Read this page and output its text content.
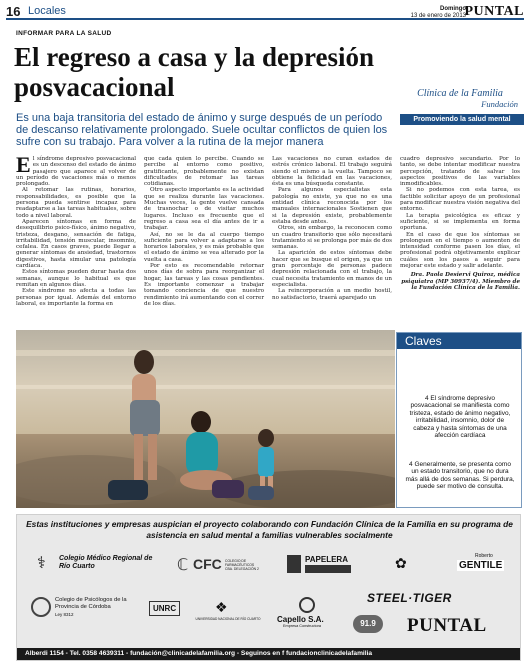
16 Locales	Domingo
13 de enero de 2013
PUNTAL
INFORMAR PARA LA SALUD
El regreso a casa y la depresión posvacacional

Es una baja transitoria del estado de ánimo y surge después de un período de descanso relativamente prolongado. Suele ocultar conflictos de quien los sufre con su trabajo. Para volver a la rutina de la mejor manera

Clínica de la Familia
Fundación
Promoviendo la salud mental

El síndrome depresivo posvacacional es un descenso del estado de ánimo pasajero que aparece al volver de un período de vacaciones más o menos prolongado.

Al retomar las rutinas, horarios, responsabilidades, es posible que la persona pueda sentirse incapaz para readaptarse a las tareas habituales, sobre todo a nivel laboral.

Aparecen síntomas en forma de desequilibrio psico-físico, ánimo negativo, tristeza, desgano, sensación de fatiga, irritabilidad, tensión muscular, insomnio, cefalea. En casos graves, puede llegar a generar síntomas de ansiedad, trastornos digestivos, hasta simular una patología cardíaca.

Estos síntomas pueden durar hasta dos semanas, aunque lo habitual es que remitan en algunos días.

Este síndrome no afecta a todas las personas por igual. Además del entorno laboral, es importante la forma en

que cada quien lo percibe. Cuando se percibe al entorno como positivo, gratificante, probablemente no existan dificultades de retomar las tareas cotidianas.

Otro aspecto importante es la actividad que se realiza durante las vacaciones. Muchas veces, la gente vuelve cansada de trasnochar o de visitar muchos lugares. Incluso es frecuente que el regreso a casa sea el día antes de ir a trabajar.

Así, no se le da al cuerpo tiempo suficiente para volver a adaptarse a los horarios laborales, y es más probable que el estado de ánimo se vea alterado por la vuelta a casa.

Por esto es recomendable retornar unos días de sobra para reorganizar el hogar, las tareas y las cosas pendientes. Es importante comenzar a trabajar tomando conciencia de que nuestro rendimiento irá aumentando con el correr de los días.

Las vacaciones no curan estados de estrés crónico laboral. El trabajo seguirá siendo el mismo a la vuelta. Tampoco se obtiene la felicidad en las vacaciones, ésta es una búsqueda constante.

Para algunos especialistas esta patología no existe, ya que no es una entidad clínica reconocida por los manuales internacionales Sostienen que si la depresión existe, probablemente estaba desde antes.

Otros, sin embargo, la reconocen como un cuadro transitorio que sólo necesitará tratamiento si se prolonga por más de dos semanas.

La aparición de estos síntomas debe hacer que se busque el origen, ya que un gran porcentaje de personas padece depresión relacionada con el trabajo, la cual necesita tratamiento en manos de un especialista.

La reincorporación a un medio hostil, no satisfactorio, traerá aparejado un

cuadro depresivo secundario. Por lo tanto, se debe intentar modificar nuestra percepción, tratando de salvar los aspectos positivos de las variables inmodificables.

Si no podemos con esta tarea, es factible solicitar apoyo de un profesional para modificar nuestra visión negativa del entorno.

La terapia psicológica es eficaz y suficiente, si se implementa en forma oportuna.

En el caso de que los síntomas se prolonguen en el tiempo o aumenten de intensidad conforme pasen los días, el profesional podrá objetivamente explicar cuáles son los pasos a seguir para mejorar este estado y salir adelante.

Dra. Paola Desiervi Quiroz, médica psiquiatra (MP 30937/4). Miembro de la Fundación Clínica de la Familia.

Claves

4 El síndrome depresivo posvacacional se manifiesta como tristeza, estado de ánimo negativo, irritabilidad, insomnio, dolor de cabeza y hasta síntomas de una afección cardíaca

4 Generalmente, se presenta como un estado transitorio, que no dura más allá de dos semanas. Si perdura, puede ser motivo de consulta.

Estas instituciones y empresas auspician el proyecto colaborando con Fundación Clínica de la Familia en su programa de asistencia en salud mental a familias vulnerables socialmente

⚕ Colegio Médico Regional de Río Cuarto	ℂ CFC COLEGIO DE FARMACÉUTICOS CBA. DELEGACIÓN 2
PAPELERA	✿	Roberto
GENTILE
STEEL·TIGER
Colegio de Psicólogos de la Provincia de Córdoba
Ley 8312
UNRC	❖
UNIVERSIDAD NACIONAL DE RÍO CUARTO	Capello S.A.
Empresa Constructora	91.9	PUNTAL
Alberdi 1154 - Tel. 0358 4639311 - fundación@clinicadelafamilia.org - Seguinos en f fundacionclinicadelafamilia
